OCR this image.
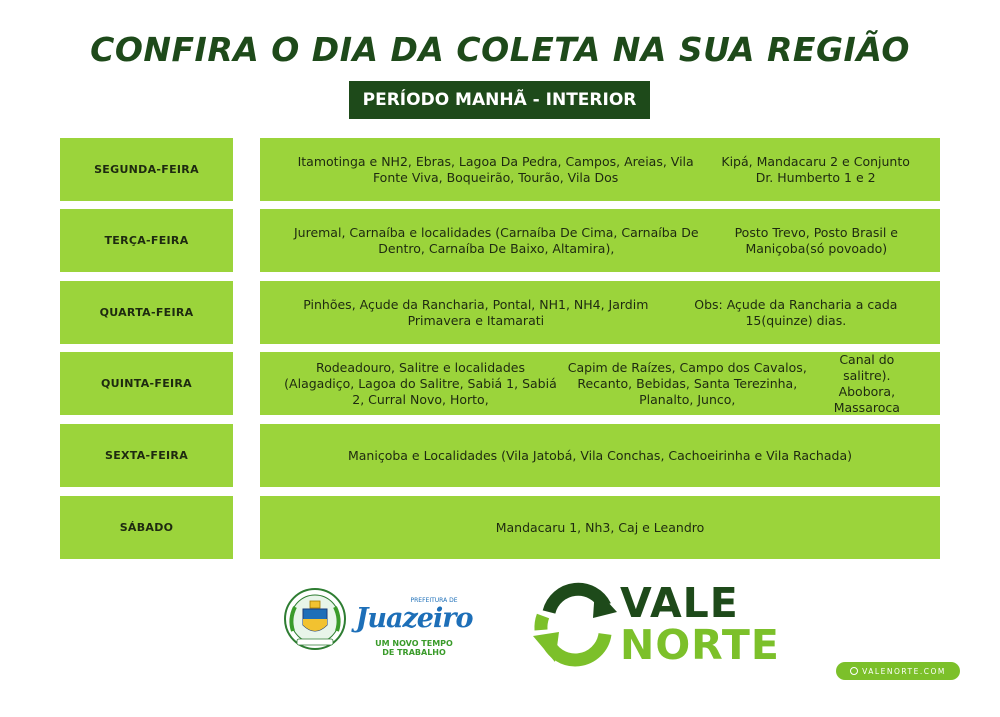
CONFIRA O DIA DA COLETA NA SUA REGIÃO
PERÍODO MANHÃ - INTERIOR
SEGUNDA-FEIRA
Itamotinga e NH2, Ebras, Lagoa Da Pedra, Campos, Areias, Vila Fonte Viva, Boqueirão, Tourão, Vila Dos
Kipá, Mandacaru 2 e Conjunto Dr. Humberto 1 e 2
TERÇA-FEIRA
Juremal, Carnaíba e localidades (Carnaíba De Cima, Carnaíba De Dentro, Carnaíba De Baixo, Altamira),
Posto Trevo, Posto Brasil e Maniçoba(só povoado)
QUARTA-FEIRA
Pinhões, Açude da Rancharia, Pontal, NH1, NH4, Jardim Primavera e Itamarati
Obs: Açude da Rancharia a cada 15(quinze) dias.
QUINTA-FEIRA
Rodeadouro, Salitre e localidades (Alagadiço, Lagoa do Salitre, Sabiá 1, Sabiá 2, Curral Novo, Horto,
Capim de Raízes, Campo dos Cavalos, Recanto, Bebidas, Santa Terezinha, Planalto, Junco,
Canal do salitre). Abobora, Massaroca
SEXTA-FEIRA	Maniçoba e Localidades (Vila Jatobá, Vila Conchas, Cachoeirinha e Vila Rachada)
SÁBADO	Mandacaru 1, Nh3, Caj e Leandro
PREFEITURA DE
Juazeiro
UM NOVO TEMPO
DE TRABALHO
VALE
NORTE
VALENORTE.COM
